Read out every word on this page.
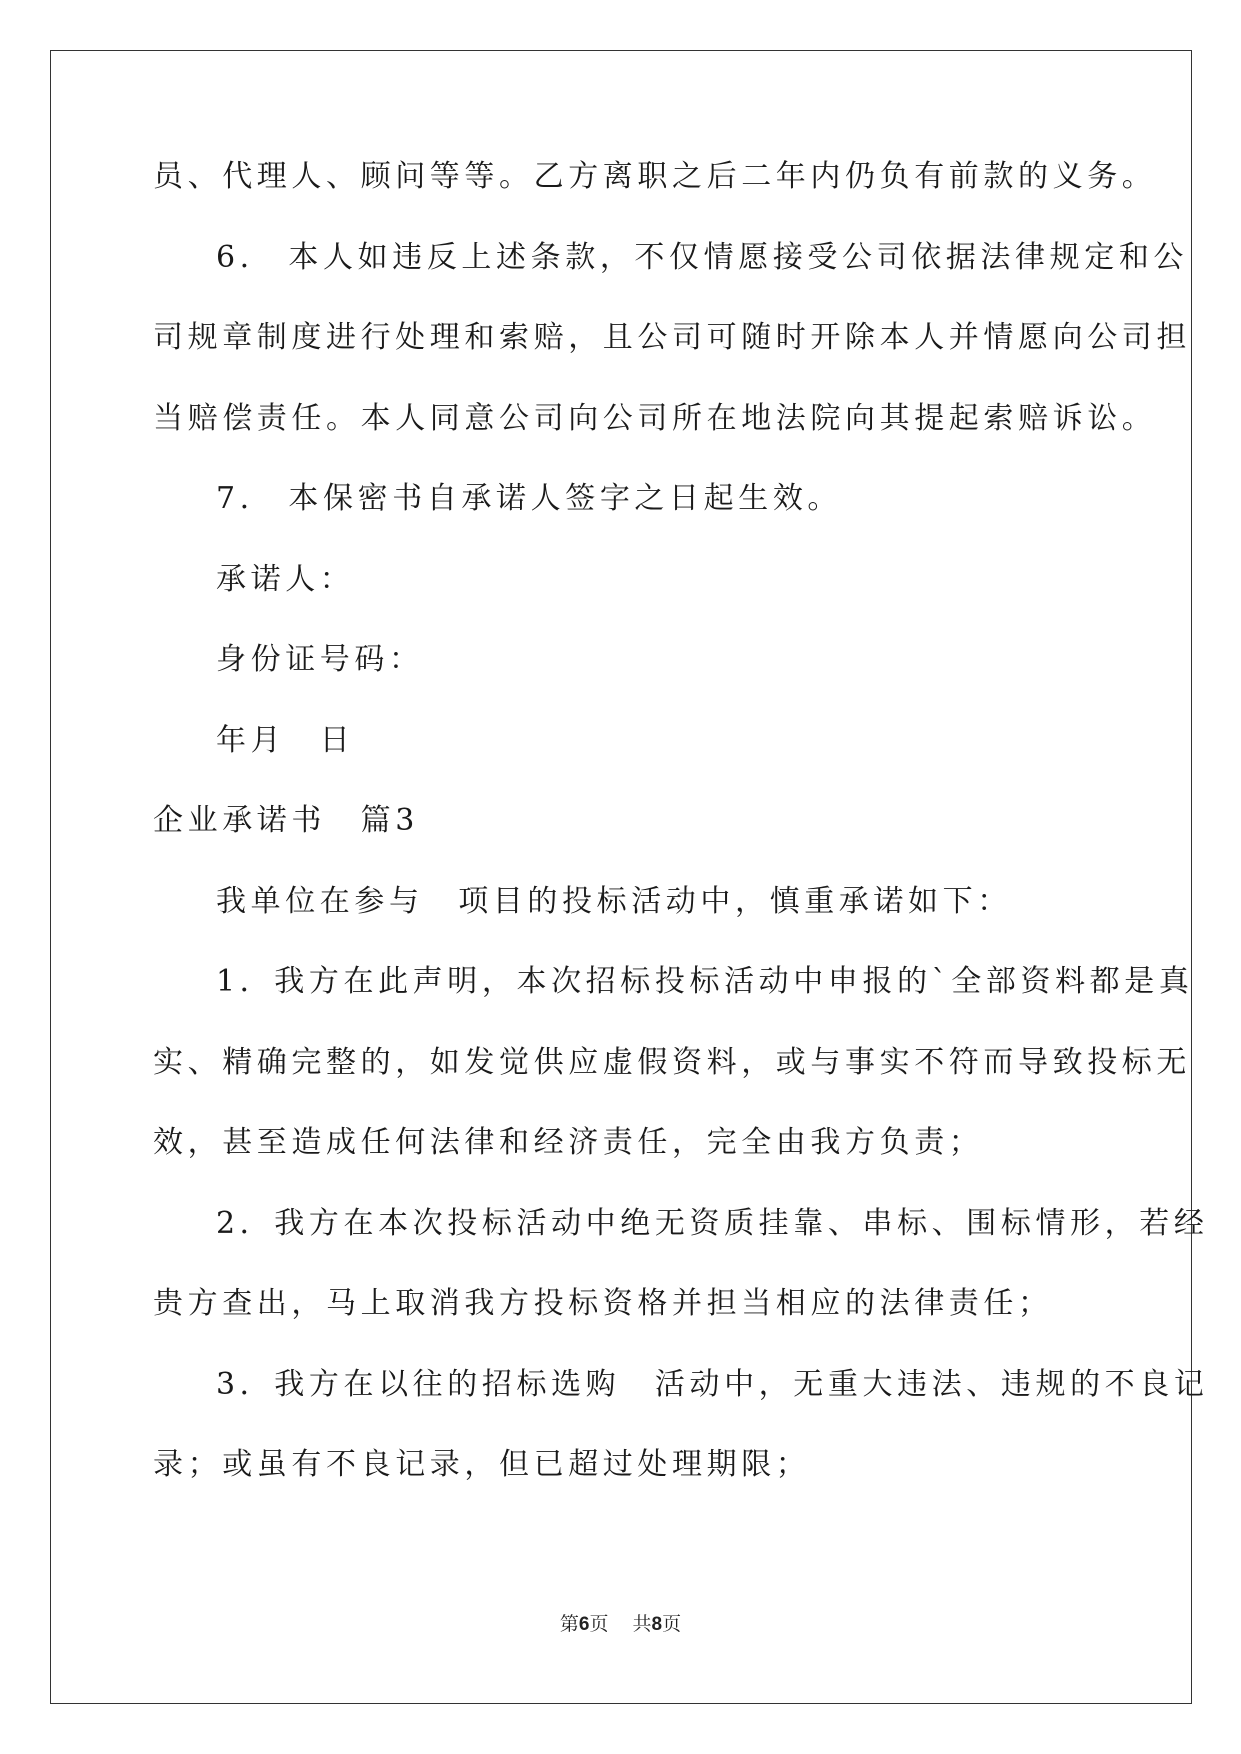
员、代理人、顾问等等。乙方离职之后二年内仍负有前款的义务。
6.　本人如违反上述条款，不仅情愿接受公司依据法律规定和公
司规章制度进行处理和索赔，且公司可随时开除本人并情愿向公司担
当赔偿责任。本人同意公司向公司所在地法院向其提起索赔诉讼。
7.　本保密书自承诺人签字之日起生效。
承诺人：
身份证号码：
年月　日
企业承诺书　篇3
我单位在参与　项目的投标活动中，慎重承诺如下：
1．我方在此声明，本次招标投标活动中申报的`全部资料都是真
实、精确完整的，如发觉供应虚假资料，或与事实不符而导致投标无
效，甚至造成任何法律和经济责任，完全由我方负责；
2．我方在本次投标活动中绝无资质挂靠、串标、围标情形，若经
贵方查出，马上取消我方投标资格并担当相应的法律责任；
3．我方在以往的招标选购　活动中，无重大违法、违规的不良记
录；或虽有不良记录，但已超过处理期限；
第6页 共8页
